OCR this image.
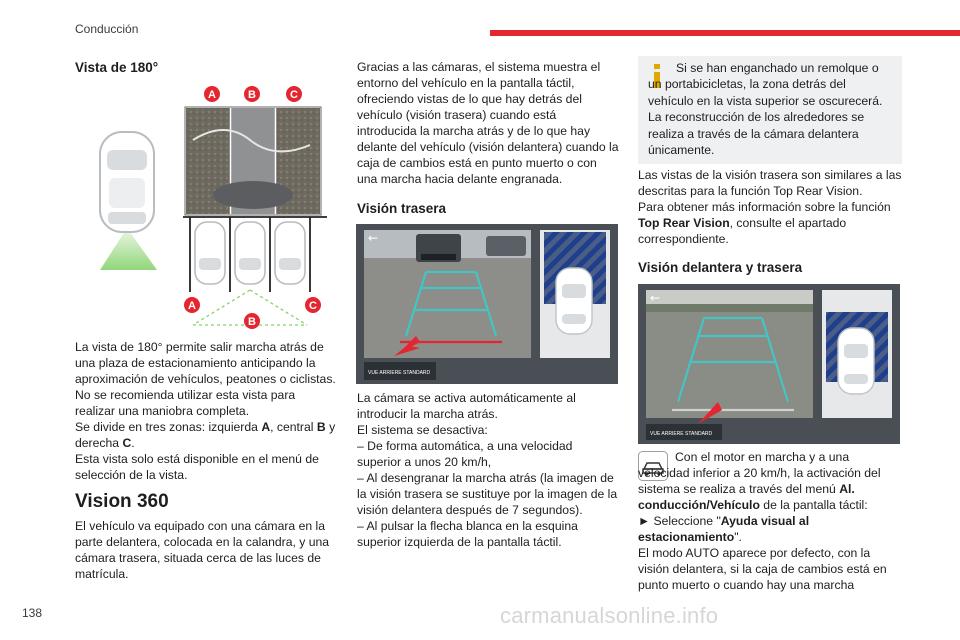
Conducción
Vista de 180°
A	B	C
A
B
C

La vista de 180° permite salir marcha atrás de una plaza de estacionamiento anticipando la aproximación de vehículos, peatones o ciclistas. No se recomienda utilizar esta vista para realizar una maniobra completa.

Se divide en tres zonas: izquierda A, central B y derecha C.

Esta vista solo está disponible en el menú de selección de la vista.

Vision 360

El vehículo va equipado con una cámara en la parte delantera, colocada en la calandra, y una cámara trasera, situada cerca de las luces de matrícula.

Gracias a las cámaras, el sistema muestra el entorno del vehículo en la pantalla táctil, ofreciendo vistas de lo que hay detrás del vehículo (visión trasera) cuando está introducida la marcha atrás y de lo que hay delante del vehículo (visión delantera) cuando la caja de cambios está en punto muerto o con una marcha hacia delante engranada.

Visión trasera
←
VUE ARRIERE STANDARD

La cámara se activa automáticamente al introducir la marcha atrás.

El sistema se desactiva:

– De forma automática, a una velocidad superior a unos 20 km/h,

– Al desengranar la marcha atrás (la imagen de la visión trasera se sustituye por la imagen de la visión delantera después de 7 segundos).

– Al pulsar la flecha blanca en la esquina superior izquierda de la pantalla táctil.

Si se han enganchado un remolque o un portabicicletas, la zona detrás del vehículo en la vista superior se oscurecerá. La reconstrucción de los alrededores se realiza a través de la cámara delantera únicamente.

Las vistas de la visión trasera son similares a las descritas para la función Top Rear Vision.

Para obtener más información sobre la función Top Rear Vision, consulte el apartado correspondiente.

Visión delantera y trasera
←
VUE ARRIERE STANDARD

Con el motor en marcha y a una velocidad inferior a 20 km/h, la activación del sistema se realiza a través del menú Al. conducción/Vehículo de la pantalla táctil:

► Seleccione "Ayuda visual al estacionamiento".

El modo AUTO aparece por defecto, con la visión delantera, si la caja de cambios está en punto muerto o cuando hay una marcha

138	carmanualsonline.info
